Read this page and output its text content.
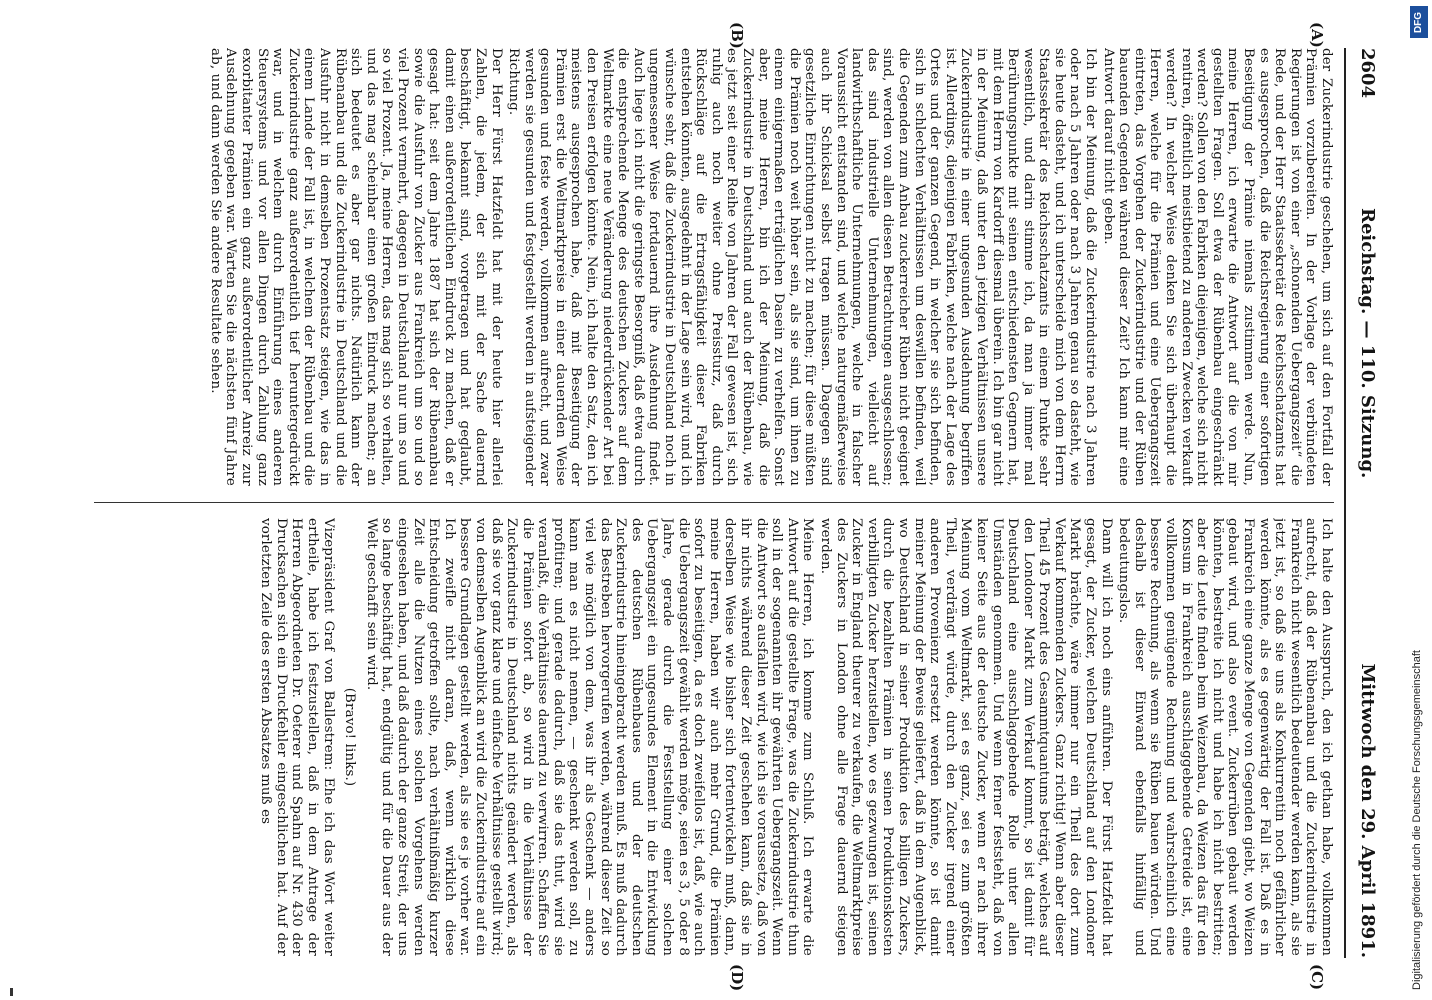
2604
Reichstag. — 110. Sitzung.
Mittwoch den 29. April 1891.
(A)
(B)
(C)
(D)

der Zuckerindustrie geschehen, um sich auf den Fortfall der Prämien vorzubereiten. In der Vorlage der verbündeten Regierungen ist von einer „schonenden Uebergangszeit“ die Rede, und der Herr Staatssekretär des Reichsschatzamts hat es ausgesprochen, daß die Reichsregierung einer sofortigen Beseitigung der Prämie niemals zustimmen werde. Nun, meine Herren, ich erwarte die Antwort auf die von mir gestellten Fragen. Soll etwa der Rübenbau eingeschränkt werden? Sollen von den Fabriken diejenigen, welche sich nicht rentiren, öffentlich meistbietend zu anderen Zwecken verkauft werden? In welcher Weise denken Sie sich überhaupt die Herren, welche für die Prämien und eine Uebergangszeit eintreten, das Vorgehen der Zuckerindustrie und der Rüben bauenden Gegenden während dieser Zeit? Ich kann mir eine Antwort darauf nicht geben.

Ich bin der Meinung, daß die Zuckerindustrie nach 3 Jahren oder nach 5 Jahren oder nach 3 Jahren genau so dasteht, wie sie heute dasteht, und ich unterscheide mich von dem Herrn Staatssekretär des Reichsschatzamts in einem Punkte sehr wesentlich, und darin stimme ich, da man ja immer mal Berührungspunkte mit seinen entschiedensten Gegnern hat, mit dem Herrn von Kardorff diesmal überein. Ich bin gar nicht in der Meinung, daß unter den jetzigen Verhältnissen unsere Zuckerindustrie in einer ungesunden Ausdehnung begriffen ist. Allerdings, diejenigen Fabriken, welche nach der Lage des Ortes und der ganzen Gegend, in welcher sie sich befinden, sich in schlechten Verhältnissen um deswillen befinden, weil die Gegenden zum Anbau zuckerreicher Rüben nicht geeignet sind, werden von allen diesen Betrachtungen ausgeschlossen; das sind industrielle Unternehmungen, vielleicht auf landwirthschaftliche Unternehmungen, welche in falscher Voraussicht entstanden sind, und welche naturgemäßerweise auch ihr Schicksal selbst tragen müssen. Dagegen sind gesetzliche Einrichtungen nicht zu machen; für diese müßten die Prämien noch weit höher sein, als sie sind, um ihnen zu einem einigermaßen erträglichen Dasein zu verhelfen. Sonst aber, meine Herren, bin ich der Meinung, daß die Zuckerindustrie in Deutschland und auch der Rübenbau, wie es jetzt seit einer Reihe von Jahren der Fall gewesen ist, sich ruhig auch noch weiter ohne Preissturz, daß durch Rückschläge auf die Ertragsfähigkeit dieser Fabriken entstehen könnten, ausgedehnt in der Lage sein wird, und ich wünsche sehr, daß die Zuckerindustrie in Deutschland noch in ungemessener Weise fortdauernd ihre Ausdehnung findet. Auch liege ich nicht die geringste Besorgniß, daß etwa durch die entsprechende Menge des deutschen Zuckers auf dem Weltmarkte eine neue Veränderung niederdrückender Art bei den Preisen erfolgen könnte. Nein, ich halte den Satz, den ich meistens ausgesprochen habe, daß mit Beseitigung der Prämien erst die Weltmarktpreise in einer dauernden Weise gesunden und feste werden, vollkommen aufrecht, und zwar werden sie gesunden und festgestellt werden in aufsteigender Richtung.

Der Herr Fürst Hatzfeldt hat mit der heute hier allerlei Zahlen, die jedem, der sich mit der Sache dauernd beschäftigt, bekannt sind, vorgetragen und hat geglaubt, damit einen außerordentlichen Eindruck zu machen, daß er gesagt hat: seit dem Jahre 1887 hat sich der Rübenanbau sowie die Ausfuhr von Zucker aus Frankreich um so und so viel Prozent vermehrt, dagegen in Deutschland nur um so und so viel Prozent. Ja, meine Herren, das mag sich so verhalten, und das mag scheinbar einen großen Eindruck machen; an sich bedeutet es aber gar nichts. Natürlich kann der Rübenanbau und die Zuckerindustrie in Deutschland und die Ausfuhr nicht in demselben Prozentsatz steigen, wie das in einem Lande der Fall ist, in welchem der Rübenbau und die Zuckerindustrie ganz außerordentlich tief heruntergedrückt war, und in welchem durch Einführung eines anderen Steuersystems und vor allen Dingen durch Zahlung ganz exorbitanter Prämien ein ganz außerordentlicher Anreiz zur Ausdehnung gegeben war. Warten Sie die nächsten fünf Jahre ab, und dann werden Sie andere Resultate sehen.

Ich halte den Ausspruch, den ich gethan habe, vollkommen aufrecht, daß der Rübenanbau und die Zuckerindustrie in Frankreich nicht wesentlich bedeutender werden kann, als sie jetzt ist, so daß sie uns als Konkurrentin noch gefährlicher werden könnte, als es gegenwärtig der Fall ist. Daß es in Frankreich eine ganze Menge von Gegenden giebt, wo Weizen gebaut wird, und also event. Zuckerrüben gebaut werden könnten, bestreite ich nicht und habe ich nicht bestritten; aber die Leute finden beim Weizenbau, da Weizen das für den Konsum in Frankreich ausschlaggebende Getreide ist, eine vollkommen genügende Rechnung und wahrscheinlich eine bessere Rechnung, als wenn sie Rüben bauen würden. Und deshalb ist dieser Einwand ebenfalls hinfällig und bedeutungslos.

Dann will ich noch eins anführen. Der Fürst Hatzfeldt hat gesagt, der Zucker, welchen Deutschland auf den Londoner Markt brächte, wäre immer nur ein Theil des dort zum Verkauf kommenden Zuckers. Ganz richtig! Wenn aber dieser Theil 45 Prozent des Gesammtquantums beträgt, welches auf den Londoner Markt zum Verkauf kommt, so ist damit für Deutschland eine ausschlaggebende Rolle unter allen Umständen genommen. Und wenn ferner feststeht, daß von keiner Seite aus der deutsche Zucker, wenn er nach ihrer Meinung vom Weltmarkt, sei es ganz, sei es zum größten Theil, verdrängt würde, durch den Zucker irgend einer anderen Provenienz ersetzt werden könnte, so ist damit meiner Meinung der Beweis geliefert, daß in dem Augenblick, wo Deutschland in seiner Produktion des billigen Zuckers, durch die bezahlten Prämien in seinen Produktionskosten verbilligten Zucker herzustellen, wo es gezwungen ist, seinen Zucker in England theurer zu verkaufen, die Weltmarktpreise des Zuckers in London ohne alle Frage dauernd steigen werden.

Meine Herren, ich komme zum Schluß. Ich erwarte die Antwort auf die gestellte Frage, was die Zuckerindustrie thun soll in der sogenannten ihr gewährten Uebergangszeit. Wenn die Antwort so ausfallen wird, wie ich sie voraussetze, daß von ihr nichts während dieser Zeit geschehen kann, daß sie in derselben Weise wie bisher sich fortentwickeln muß, dann, meine Herren, haben wir auch mehr Grund, die Prämien sofort zu beseitigen, da es doch zweifellos ist, daß, wie auch die Uebergangszeit gewählt werden möge, seien es 3, 5 oder 8 Jahre, gerade durch die Feststellung einer solchen Uebergangszeit ein ungesundes Element in die Entwicklung des deutschen Rübenbaues und der deutschen Zuckerindustrie hineingebracht werden muß. Es muß dadurch das Bestreben hervorgerufen werden, während dieser Zeit so viel wie möglich von dem, was ihr als Geschenk — anders kann man es nicht nennen, — geschenkt werden soll, zu profitiren; und gerade dadurch, daß sie das thut, wird sie veranlaßt, die Verhältnisse dauernd zu verwirren. Schaffen Sie die Prämien sofort ab, so wird in die Verhältnisse der Zuckerindustrie in Deutschland nichts geändert werden, als daß sie vor ganz klare und einfache Verhältnisse gestellt wird; von demselben Augenblick an wird die Zuckerindustrie auf ein bessere Grundlagen gestellt werden, als sie es je vorher war. Ich zweifle nicht daran, daß, wenn wirklich diese Entscheidung getroffen sollte, nach verhältnißmäßig kurzer Zeit alle die Nutzen eines solchen Vorgehens werden eingesehen haben, und daß dadurch der ganze Streit, der uns so lange beschäftigt hat, endgültig und für die Dauer aus der Welt geschafft sein wird.

(Bravo! links.)

Vizepräsident Graf von Ballestrem: Ehe ich das Wort weiter ertheile, habe ich festzustellen, daß in dem Antrage der Herren Abgeordneten Dr. Oeterer und Spahn auf Nr. 430 der Drucksachen sich ein Druckfehler eingeschlichen hat. Auf der vorletzten Zeile des ersten Absatzes muß es	Digitalisierung gefördert durch die Deutsche Forschungsgemeinschaft
DFG
